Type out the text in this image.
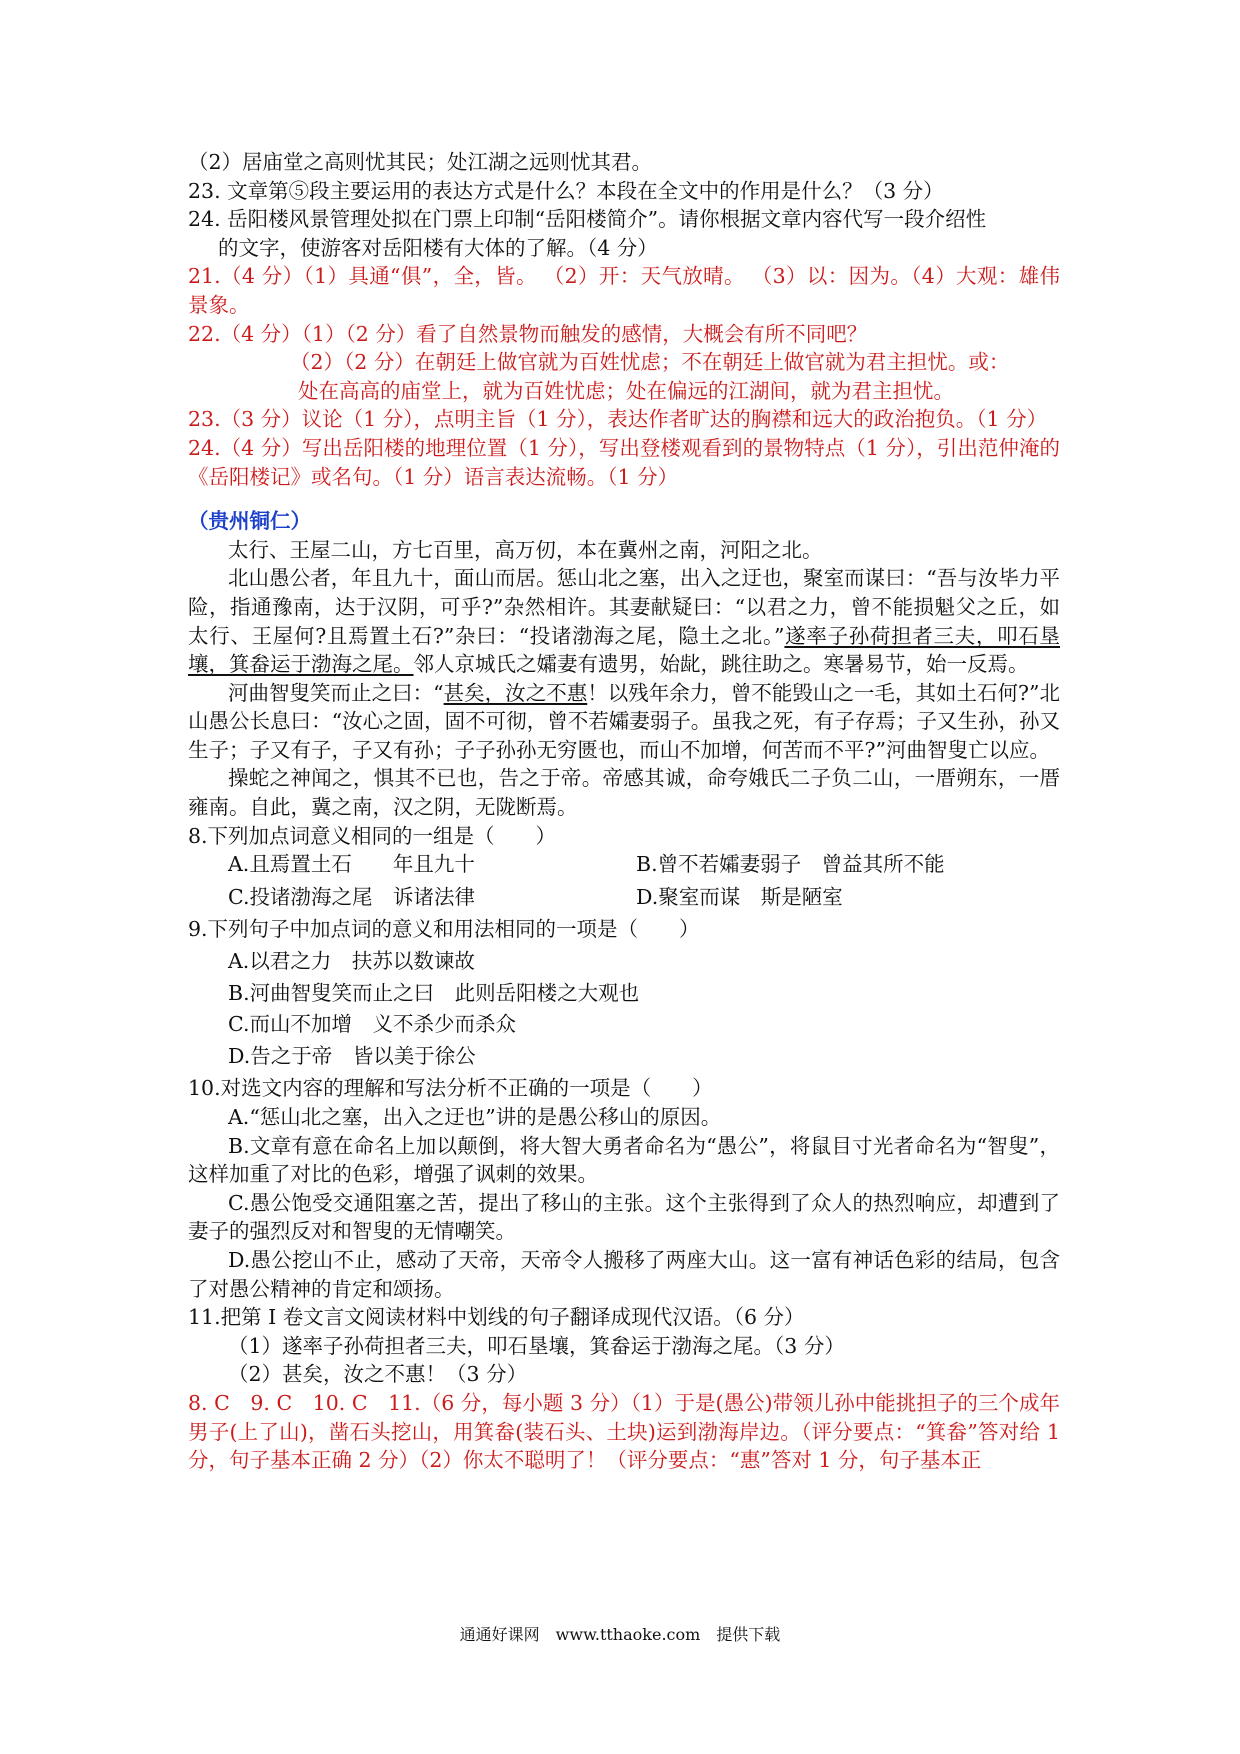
（2）居庙堂之高则忧其民；处江湖之远则忧其君。
23. 文章第⑤段主要运用的表达方式是什么？本段在全文中的作用是什么？（3 分）
24. 岳阳楼风景管理处拟在门票上印制“岳阳楼简介”。请你根据文章内容代写一段介绍性
的文字，使游客对岳阳楼有大体的了解。（4 分）
21.（4 分）（1）具通“俱”，全，皆。 （2）开：天气放晴。 （3）以：因为。（4）大观：雄伟景象。
22.（4 分）（1）（2 分）看了自然景物而触发的感情，大概会有所不同吧？
（2）（2 分）在朝廷上做官就为百姓忧虑；不在朝廷上做官就为君主担忧。或：
处在高高的庙堂上，就为百姓忧虑；处在偏远的江湖间，就为君主担忧。
23.（3 分）议论（1 分），点明主旨（1 分），表达作者旷达的胸襟和远大的政治抱负。（1 分）
24.（4 分）写出岳阳楼的地理位置（1 分），写出登楼观看到的景物特点（1 分），引出范仲淹的《岳阳楼记》或名句。（1 分）语言表达流畅。（1 分）
（贵州铜仁）
太行、王屋二山，方七百里，高万仞，本在冀州之南，河阳之北。
北山愚公者，年且九十，面山而居。惩山北之塞，出入之迂也，聚室而谋曰：“吾与汝毕力平险，指通豫南，达于汉阴，可乎?”杂然相许。其妻献疑曰：“以君之力，曾不能损魁父之丘，如太行、王屋何?且焉置土石?”杂曰：“投诸渤海之尾，隐土之北。”遂率子孙荷担者三夫，叩石垦壤，箕畚运于渤海之尾。邻人京城氏之孀妻有遗男，始龀，跳往助之。寒暑易节，始一反焉。
河曲智叟笑而止之曰：“甚矣，汝之不惠！以残年余力，曾不能毁山之一毛，其如土石何?”北山愚公长息曰：“汝心之固，固不可彻，曾不若孀妻弱子。虽我之死，有子存焉；子又生孙，孙又生子；子又有子，子又有孙；子子孙孙无穷匮也，而山不加增，何苦而不平?”河曲智叟亡以应。
操蛇之神闻之，惧其不已也，告之于帝。帝感其诚，命夸娥氏二子负二山，一厝朔东，一厝雍南。自此，冀之南，汉之阴，无陇断焉。
8.下列加点词意义相同的一组是（　　）
A.且焉置土石　　年且九十	B.曾不若孀妻弱子　曾益其所不能
C.投诸渤海之尾　诉诸法律	D.聚室而谋　斯是陋室
9.下列句子中加点词的意义和用法相同的一项是（　　）
A.以君之力　扶苏以数谏故
B.河曲智叟笑而止之曰　此则岳阳楼之大观也
C.而山不加增　义不杀少而杀众
D.告之于帝　皆以美于徐公
10.对选文内容的理解和写法分析不正确的一项是（　　）
A.“惩山北之塞，出入之迂也”讲的是愚公移山的原因。
B.文章有意在命名上加以颠倒，将大智大勇者命名为“愚公”，将鼠目寸光者命名为“智叟”，这样加重了对比的色彩，增强了讽刺的效果。
C.愚公饱受交通阻塞之苦，提出了移山的主张。这个主张得到了众人的热烈响应，却遭到了妻子的强烈反对和智叟的无情嘲笑。
D.愚公挖山不止，感动了天帝，天帝令人搬移了两座大山。这一富有神话色彩的结局，包含了对愚公精神的肯定和颂扬。
11.把第 I 卷文言文阅读材料中划线的句子翻译成现代汉语。（6 分）
（1）遂率子孙荷担者三夫，叩石垦壤，箕畚运于渤海之尾。（3 分）
（2）甚矣，汝之不惠！（3 分）
8. C　9. C　10. C　11.（6 分，每小题 3 分）（1）于是(愚公)带领儿孙中能挑担子的三个成年男子(上了山)，凿石头挖山，用箕畚(装石头、土块)运到渤海岸边。（评分要点：“箕畚”答对给 1 分，句子基本正确 2 分）（2）你太不聪明了！（评分要点：“惠”答对 1 分，句子基本正
通通好课网　www.tthaoke.com　提供下载
